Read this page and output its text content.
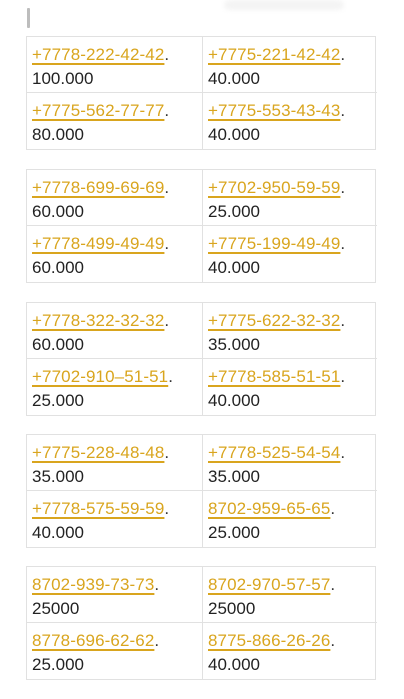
+7778-222-42-42.
100.000
+7775-221-42-42.
40.000
+7775-562-77-77.
80.000
+7775-553-43-43.
40.000
+7778-699-69-69.
60.000
+7702-950-59-59.
25.000
+7778-499-49-49.
60.000
+7775-199-49-49.
40.000
+7778-322-32-32.
60.000
+7775-622-32-32.
35.000
+7702-910–51-51.
25.000
+7778-585-51-51.
40.000
+7775-228-48-48.
35.000
+7778-525-54-54.
35.000
+7778-575-59-59.
40.000
8702-959-65-65.
25.000
8702-939-73-73.
25000
8702-970-57-57.
25000
8778-696-62-62.
25.000
8775-866-26-26.
40.000
